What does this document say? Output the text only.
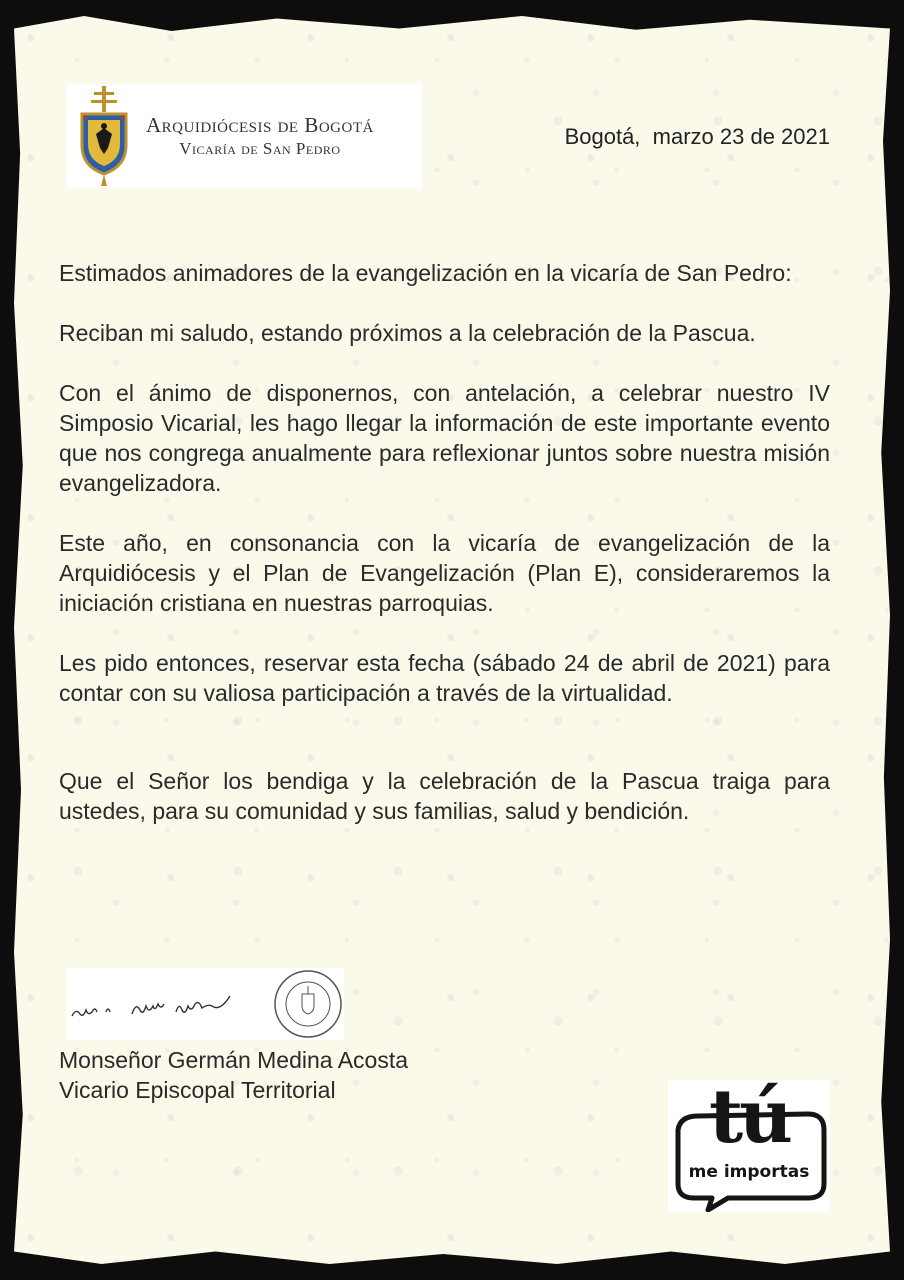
Arquidiócesis de Bogotá
Vicaría de San Pedro	Bogotá,  marzo 23 de 2021

Estimados animadores de la evangelización en la vicaría de San Pedro:

Reciban mi saludo, estando próximos a la celebración de la Pascua.

Con el ánimo de disponernos, con antelación, a celebrar nuestro IV Simposio Vicarial, les hago llegar la información de este importante evento que nos congrega anualmente para reflexionar juntos sobre nuestra misión evangelizadora.

Este año, en consonancia con la vicaría de evangelización de la Arquidiócesis y el Plan de Evangelización (Plan E), consideraremos la iniciación cristiana en nuestras parroquias.

Les pido entonces, reservar esta fecha (sábado 24 de abril de 2021) para contar con su valiosa participación a través de la virtualidad.

Que el Señor los bendiga y la celebración de la Pascua traiga para ustedes, para su comunidad y sus familias, salud y bendición.

Monseñor Germán Medina Acosta
Vicario Episcopal Territorial	tú
me importas
